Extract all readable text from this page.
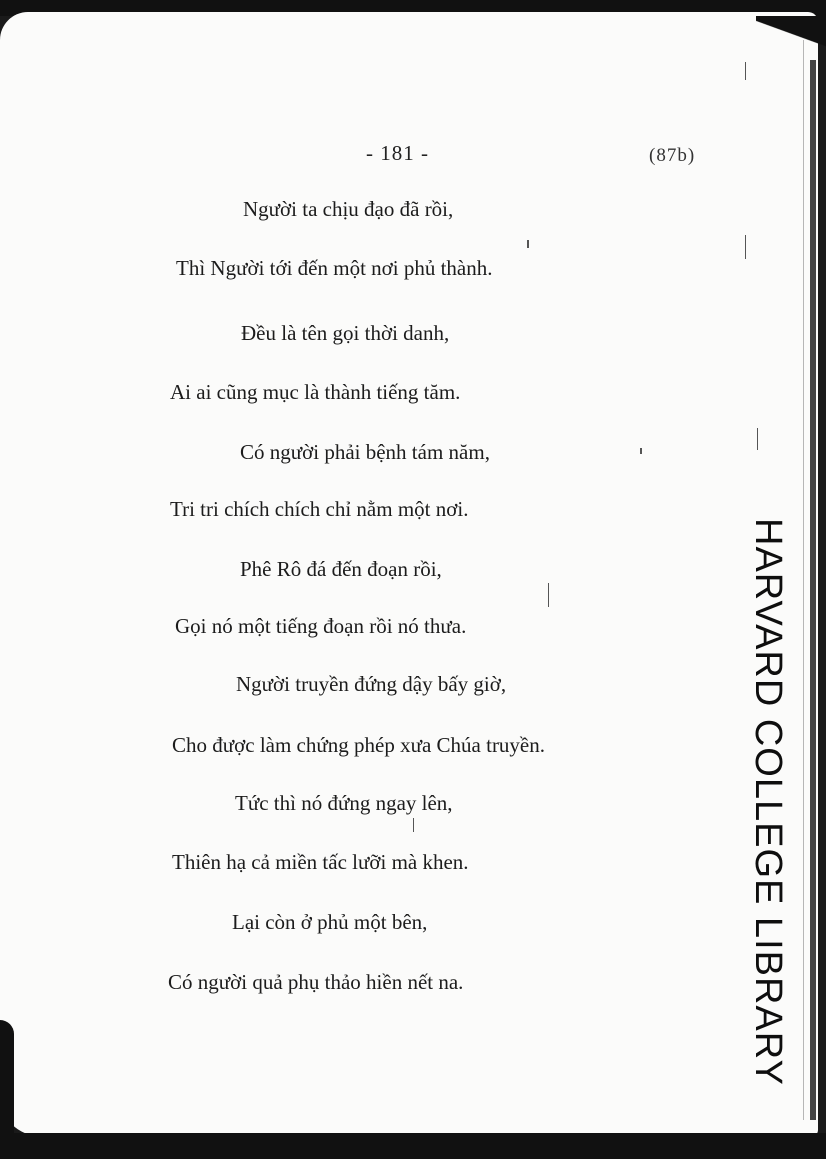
- 181 -	(87b)
Người ta chịu đạo đã rồi,
Thì Người tới đến một nơi phủ thành.
Đều là tên gọi thời danh,
Ai ai cũng mục là thành tiếng tăm.
Có người phải bệnh tám năm,
Tri tri chích chích chỉ nằm một nơi.
Phê Rô đá đến đoạn rồi,
Gọi nó một tiếng đoạn rồi nó thưa.
Người truyền đứng dậy bấy giờ,
Cho được làm chứng phép xưa Chúa truyền.
Tức thì nó đứng ngay lên,
Thiên hạ cả miền tấc lưỡi mà khen.
Lại còn ở phủ một bên,
Có người quả phụ thảo hiền nết na.	HARVARD COLLEGE LIBRARY
